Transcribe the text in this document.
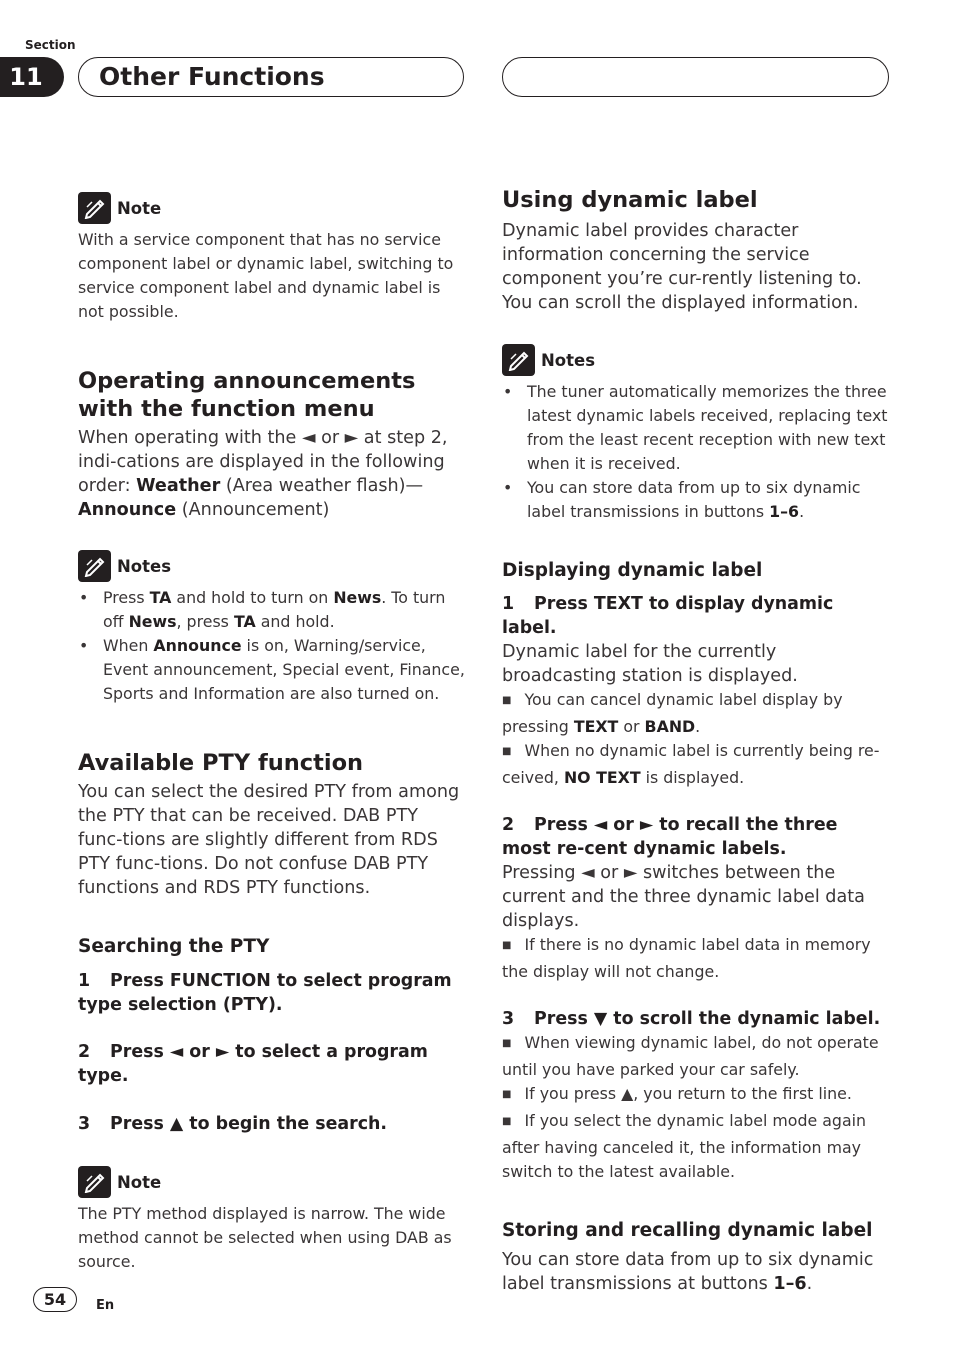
Section
11	Other Functions
Note
With a service component that has no service component label or dynamic label, switching to service component label and dynamic label is not possible.
Operating announcements with the function menu
When operating with the ◄ or ► at step 2, indi-cations are displayed in the following order: Weather (Area weather flash)—Announce (Announcement)
Notes
• Press TA and hold to turn on News. To turn off News, press TA and hold.
• When Announce is on, Warning/service, Event announcement, Special event, Finance, Sports and Information are also turned on.
Available PTY function
You can select the desired PTY from among the PTY that can be received. DAB PTY func-tions are slightly different from RDS PTY func-tions. Do not confuse DAB PTY functions and RDS PTY functions.
Searching the PTY
1 Press FUNCTION to select program type selection (PTY).
2 Press ◄ or ► to select a program type.
3 Press ▲ to begin the search.
Note
The PTY method displayed is narrow. The wide method cannot be selected when using DAB as source.
Using dynamic label
Dynamic label provides character information concerning the service component you’re cur-rently listening to. You can scroll the displayed information.
Notes
• The tuner automatically memorizes the three latest dynamic labels received, replacing text from the least recent reception with new text when it is received.
• You can store data from up to six dynamic label transmissions in buttons 1–6.
Displaying dynamic label
1 Press TEXT to display dynamic label.
Dynamic label for the currently broadcasting station is displayed.
■ You can cancel dynamic label display by pressing TEXT or BAND.
■ When no dynamic label is currently being re-ceived, NO TEXT is displayed.
2 Press ◄ or ► to recall the three most re-cent dynamic labels.
Pressing ◄ or ► switches between the current and the three dynamic label data displays.
■ If there is no dynamic label data in memory the display will not change.
3 Press ▼ to scroll the dynamic label.
■ When viewing dynamic label, do not operate until you have parked your car safely.
■ If you press ▲, you return to the first line.
■ If you select the dynamic label mode again after having canceled it, the information may switch to the latest available.
Storing and recalling dynamic label
You can store data from up to six dynamic label transmissions at buttons 1–6.
54	En
